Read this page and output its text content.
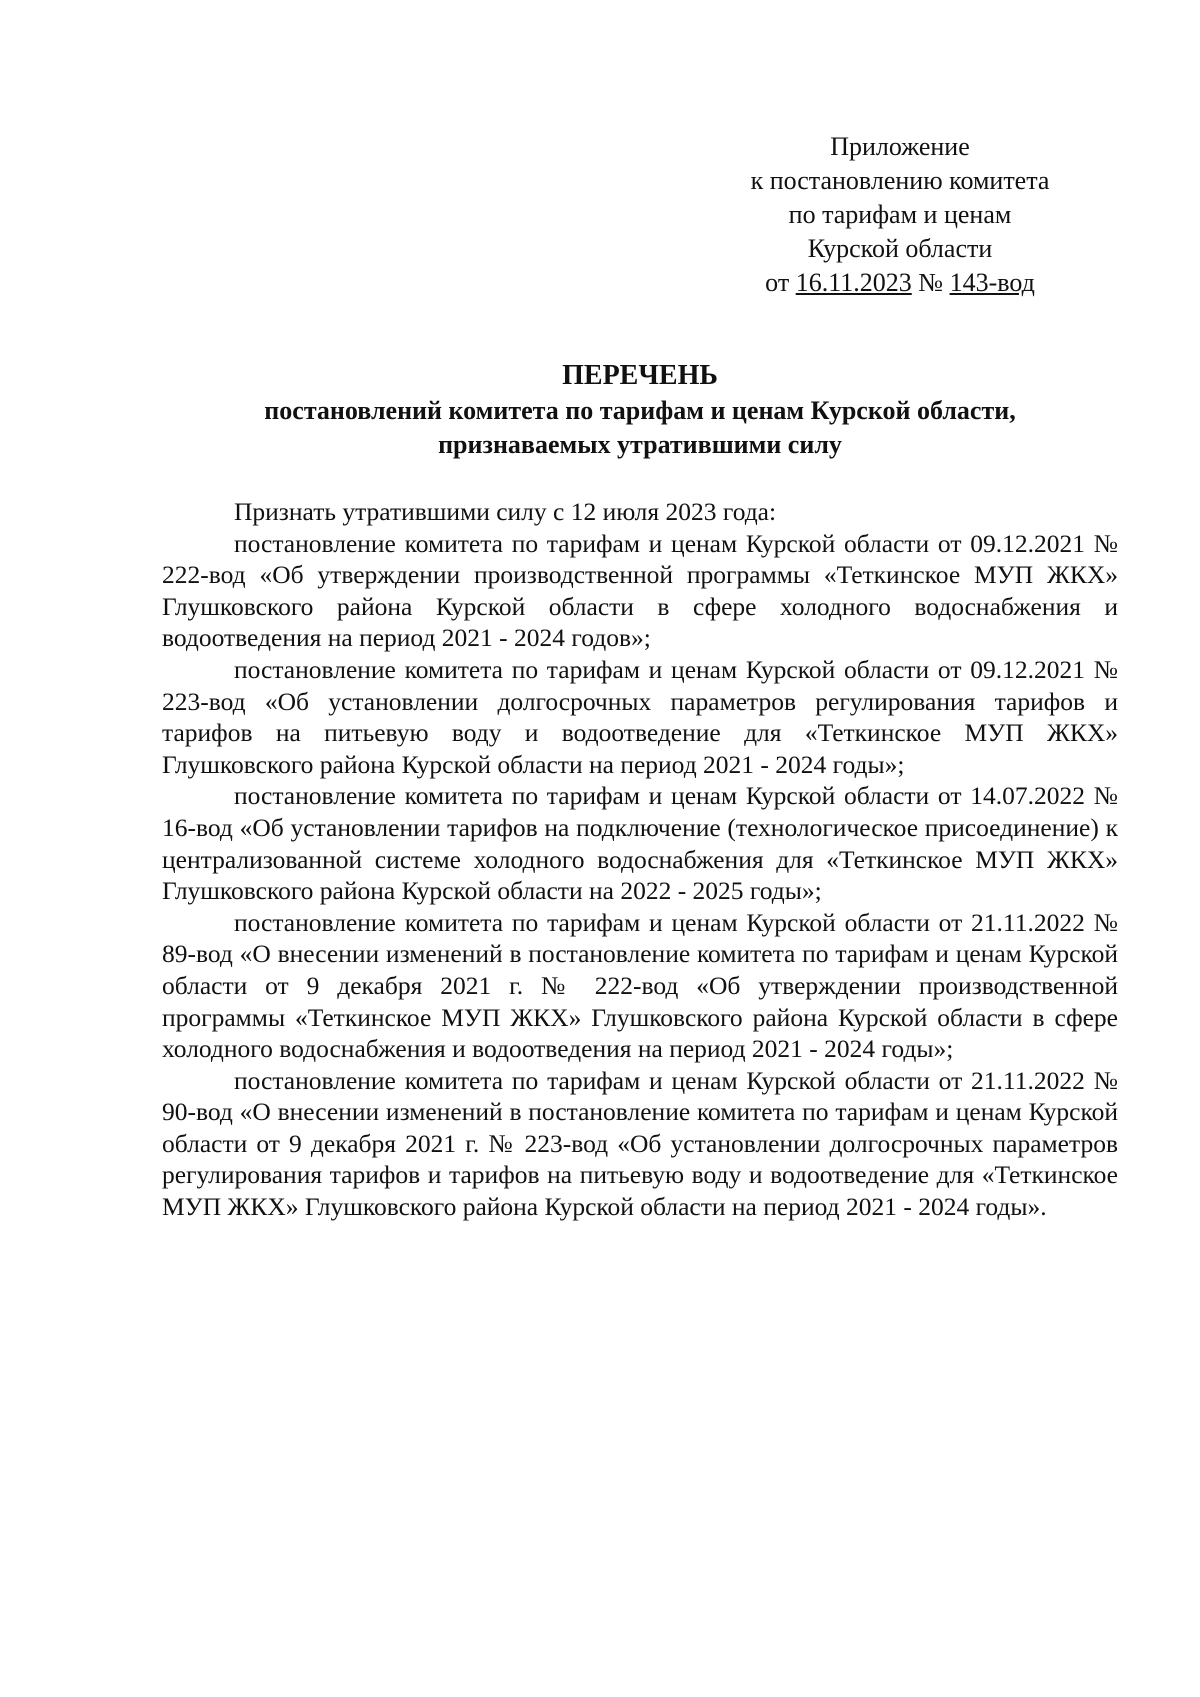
Приложение
к постановлению комитета
по тарифам и ценам
Курской области
от 16.11.2023 № 143-вод
ПЕРЕЧЕНЬ
постановлений комитета по тарифам и ценам Курской области,
признаваемых утратившими силу

Признать утратившими силу с 12 июля 2023 года:

постановление комитета по тарифам и ценам Курской области от 09.12.2021 № 222-вод «Об утверждении производственной программы «Теткинское МУП ЖКХ» Глушковского района Курской области в сфере холодного водоснабжения и водоотведения на период 2021 - 2024 годов»;

постановление комитета по тарифам и ценам Курской области от 09.12.2021 № 223-вод «Об установлении долгосрочных параметров регулирования тарифов и тарифов на питьевую воду и водоотведение для «Теткинское МУП ЖКХ» Глушковского района Курской области на период 2021 - 2024 годы»;

постановление комитета по тарифам и ценам Курской области от 14.07.2022 № 16-вод «Об установлении тарифов на подключение (технологическое присоединение) к централизованной системе холодного водоснабжения для «Теткинское МУП ЖКХ» Глушковского района Курской области на 2022 - 2025 годы»;

постановление комитета по тарифам и ценам Курской области от 21.11.2022 № 89-вод «О внесении изменений в постановление комитета по тарифам и ценам Курской области от 9 декабря 2021 г. № 222-вод «Об утверждении производственной программы «Теткинское МУП ЖКХ» Глушковского района Курской области в сфере холодного водоснабжения и водоотведения на период 2021 - 2024 годы»;

постановление комитета по тарифам и ценам Курской области от 21.11.2022 № 90-вод «О внесении изменений в постановление комитета по тарифам и ценам Курской области от 9 декабря 2021 г. № 223-вод «Об установлении долгосрочных параметров регулирования тарифов и тарифов на питьевую воду и водоотведение для «Теткинское МУП ЖКХ» Глушковского района Курской области на период 2021 - 2024 годы».
